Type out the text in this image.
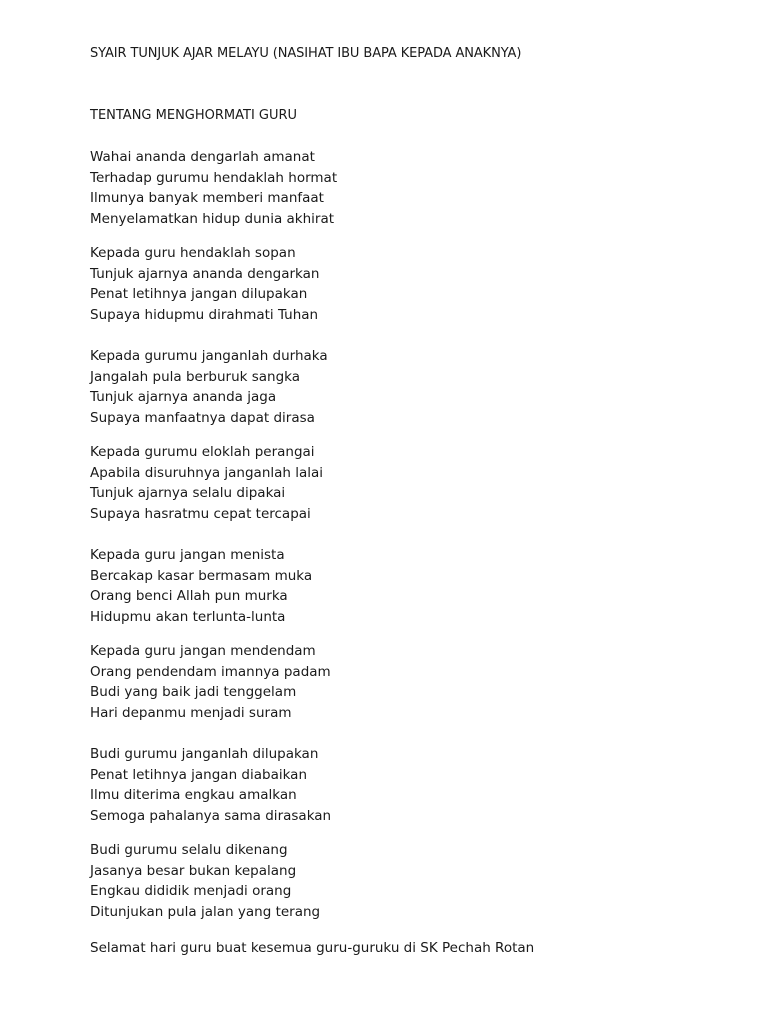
SYAIR TUNJUK AJAR MELAYU (NASIHAT IBU BAPA KEPADA ANAKNYA)
TENTANG MENGHORMATI GURU
Wahai ananda dengarlah amanat
Terhadap gurumu hendaklah hormat
Ilmunya banyak memberi manfaat
Menyelamatkan hidup dunia akhirat
Kepada guru hendaklah sopan
Tunjuk ajarnya ananda dengarkan
Penat letihnya jangan dilupakan
Supaya hidupmu dirahmati Tuhan
Kepada gurumu janganlah durhaka
Jangalah pula berburuk sangka
Tunjuk ajarnya ananda jaga
Supaya manfaatnya dapat dirasa
Kepada gurumu eloklah perangai
Apabila disuruhnya janganlah lalai
Tunjuk ajarnya selalu dipakai
Supaya hasratmu cepat tercapai
Kepada guru jangan menista
Bercakap kasar bermasam muka
Orang benci Allah pun murka
Hidupmu akan terlunta-lunta
Kepada guru jangan mendendam
Orang pendendam imannya padam
Budi yang baik jadi tenggelam
Hari depanmu menjadi suram
Budi gurumu janganlah dilupakan
Penat letihnya jangan diabaikan
Ilmu diterima engkau amalkan
Semoga pahalanya sama dirasakan
Budi gurumu selalu dikenang
Jasanya besar bukan kepalang
Engkau dididik menjadi orang
Ditunjukan pula jalan yang terang
Selamat hari guru buat kesemua guru-guruku di SK Pechah Rotan
